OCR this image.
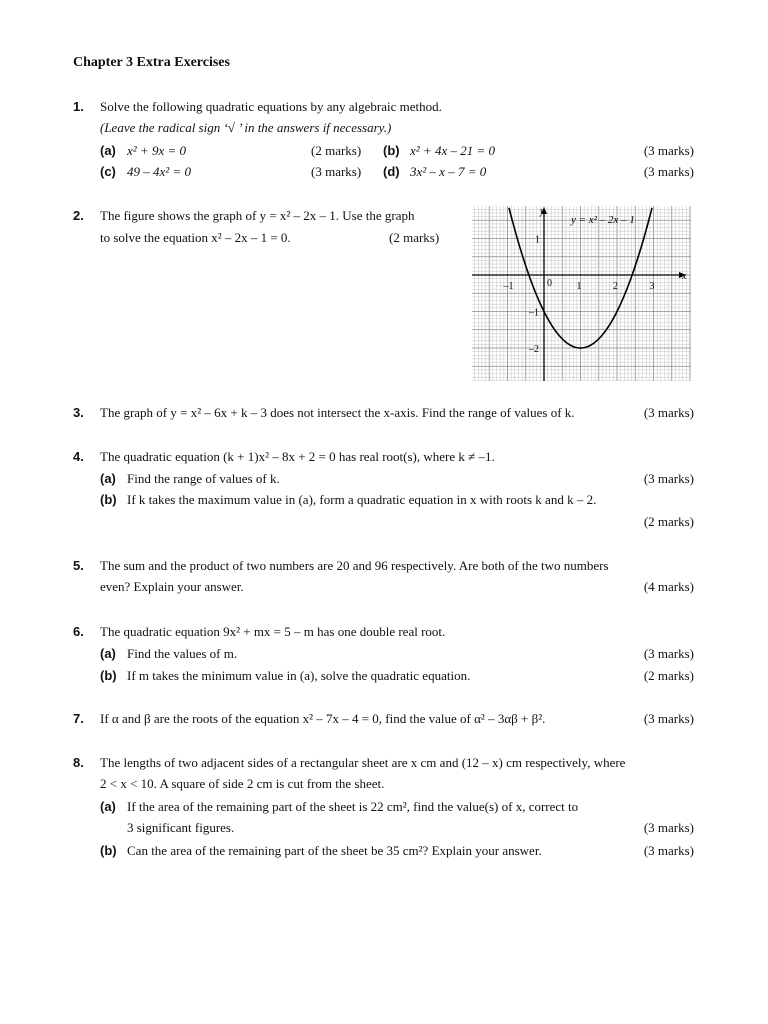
Chapter 3 Extra Exercises
1. Solve the following quadratic equations by any algebraic method.
(Leave the radical sign ‘√ ’ in the answers if necessary.)
(a) x² + 9x = 0	(2 marks) (b) x² + 4x – 21 = 0	(3 marks)
(c) 49 – 4x² = 0	(3 marks) (d) 3x² – x – 7 = 0	(3 marks)
2. The figure shows the graph of y = x² – 2x – 1. Use the graph
to solve the equation x² – 2x – 1 = 0.	(2 marks)
x
y
y = x² – 2x – 1
–1	0 1	2	3
1
–1
–2
3. The graph of y = x² – 6x + k – 3 does not intersect the x-axis. Find the range of values of k.	(3 marks)
4. The quadratic equation (k + 1)x² – 8x + 2 = 0 has real root(s), where k ≠ –1.
(a) Find the range of values of k.	(3 marks)
(b) If k takes the maximum value in (a), form a quadratic equation in x with roots k and k – 2.
(2 marks)
5. The sum and the product of two numbers are 20 and 96 respectively. Are both of the two numbers
even? Explain your answer.	(4 marks)
6. The quadratic equation 9x² + mx = 5 – m has one double real root.
(a) Find the values of m.	(3 marks)
(b) If m takes the minimum value in (a), solve the quadratic equation.	(2 marks)
7. If α and β are the roots of the equation x² – 7x – 4 = 0, find the value of α² – 3αβ + β².	(3 marks)
8. The lengths of two adjacent sides of a rectangular sheet are x cm and (12 – x) cm respectively, where
2 < x < 10. A square of side 2 cm is cut from the sheet.
(a) If the area of the remaining part of the sheet is 22 cm², find the value(s) of x, correct to
3 significant figures.	(3 marks)
(b) Can the area of the remaining part of the sheet be 35 cm²? Explain your answer.	(3 marks)
